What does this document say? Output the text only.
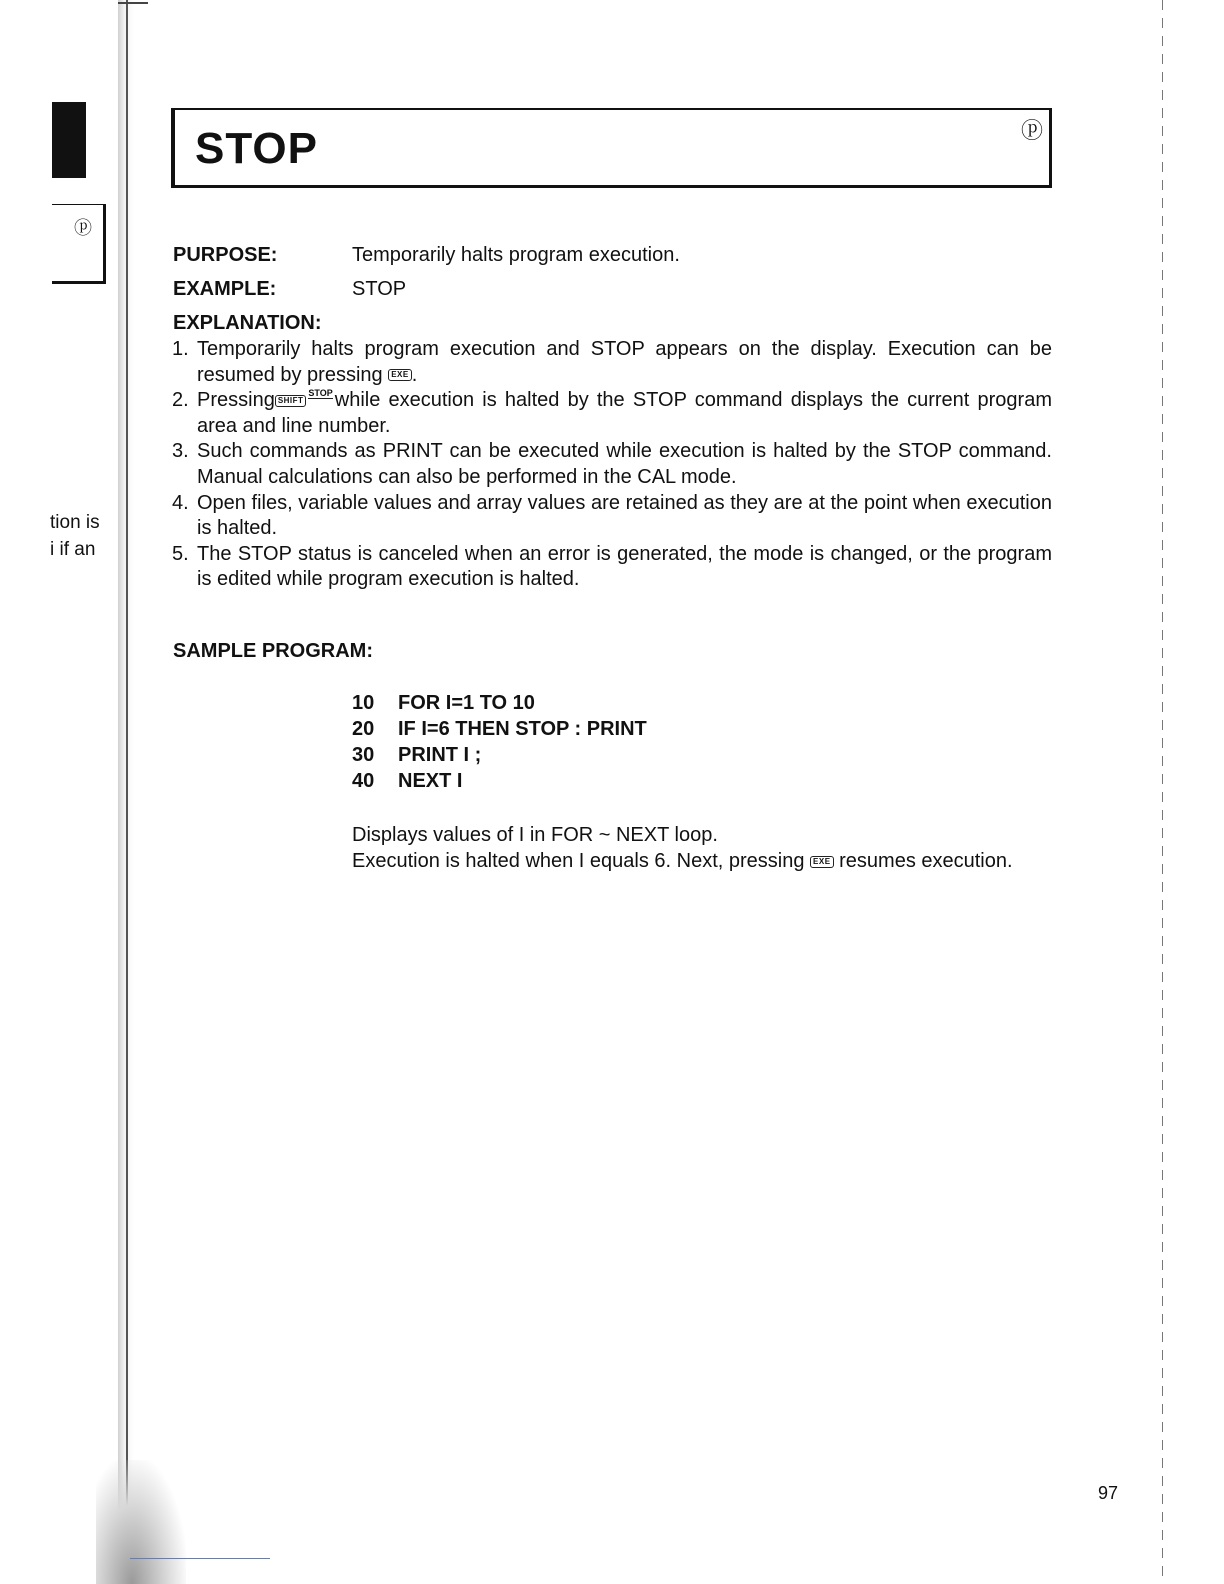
ⓟ
tion is
i if an
STOP	ⓟ
PURPOSE:	Temporarily halts program execution.
EXAMPLE:	STOP
EXPLANATION:
1. Temporarily halts program execution and STOP appears on the display. Execution can be resumed by pressing EXE .
2. Pressing SHIFTSTOP while execution is halted by the STOP command displays the current program area and line number.
3. Such commands as PRINT can be executed while execution is halted by the STOP command. Manual calculations can also be performed in the CAL mode.
4. Open files, variable values and array values are retained as they are at the point when execution is halted.
5. The STOP status is canceled when an error is generated, the mode is changed, or the program is edited while program execution is halted.
SAMPLE PROGRAM:
10	FOR I=1 TO 10
20	IF I=6 THEN STOP : PRINT
30	PRINT I ;
40	NEXT I
Displays values of I in FOR ~ NEXT loop.
Execution is halted when I equals 6. Next, pressing EXE resumes execution.
97
